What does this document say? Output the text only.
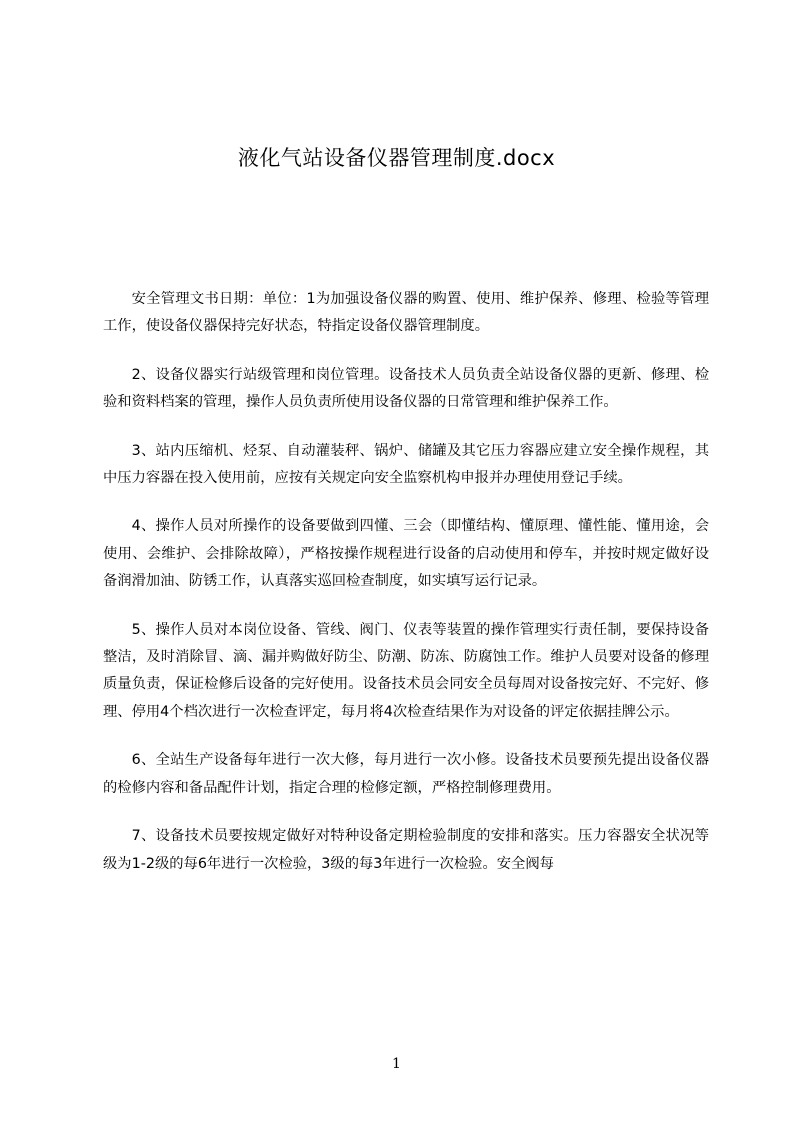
液化气站设备仪器管理制度.docx

安全管理文书日期：单位：1为加强设备仪器的购置、使用、维护保养、修理、检验等管理工作，使设备仪器保持完好状态，特指定设备仪器管理制度。

2、设备仪器实行站级管理和岗位管理。设备技术人员负责全站设备仪器的更新、修理、检验和资料档案的管理，操作人员负责所使用设备仪器的日常管理和维护保养工作。

3、站内压缩机、烃泵、自动灌装秤、锅炉、储罐及其它压力容器应建立安全操作规程，其中压力容器在投入使用前，应按有关规定向安全监察机构申报并办理使用登记手续。

4、操作人员对所操作的设备要做到四懂、三会（即懂结构、懂原理、懂性能、懂用途，会使用、会维护、会排除故障），严格按操作规程进行设备的启动使用和停车，并按时规定做好设备润滑加油、防锈工作，认真落实巡回检查制度，如实填写运行记录。

5、操作人员对本岗位设备、管线、阀门、仪表等装置的操作管理实行责任制，要保持设备整洁，及时消除冒、滴、漏并购做好防尘、防潮、防冻、防腐蚀工作。维护人员要对设备的修理质量负责，保证检修后设备的完好使用。设备技术员会同安全员每周对设备按完好、不完好、修理、停用4个档次进行一次检查评定，每月将4次检查结果作为对设备的评定依据挂牌公示。

6、全站生产设备每年进行一次大修，每月进行一次小修。设备技术员要预先提出设备仪器的检修内容和备品配件计划，指定合理的检修定额，严格控制修理费用。

7、设备技术员要按规定做好对特种设备定期检验制度的安排和落实。压力容器安全状况等级为1-2级的每6年进行一次检验，3级的每3年进行一次检验。安全阀每

1
